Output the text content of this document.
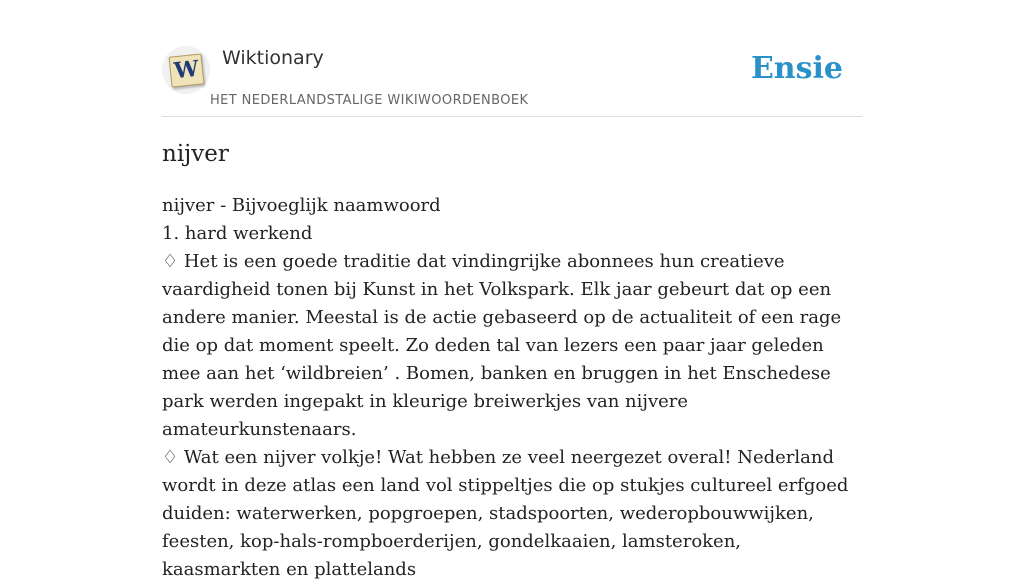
W Wiktionary
HET NEDERLANDSTALIGE WIKIWOORDENBOEK
Ensie
nijver

nijver - Bijvoeglijk naamwoord

1. hard werkend

♢ Het is een goede traditie dat vindingrijke abonnees hun creatieve vaardigheid tonen bij Kunst in het Volkspark. Elk jaar gebeurt dat op een andere manier. Meestal is de actie gebaseerd op de actualiteit of een rage die op dat moment speelt. Zo deden tal van lezers een paar jaar geleden mee aan het ‘wildbreien’ . Bomen, banken en bruggen in het Enschedese park werden ingepakt in kleurige breiwerkjes van nijvere amateurkunstenaars.

♢ Wat een nijver volkje! Wat hebben ze veel neergezet overal! Nederland wordt in deze atlas een land vol stippeltjes die op stukjes cultureel erfgoed duiden: waterwerken, popgroepen, stadspoorten, wederopbouwwijken, feesten, kop-hals-rompboerderijen, gondelkaaien, lamsteroken, kaasmarkten en plattelands
